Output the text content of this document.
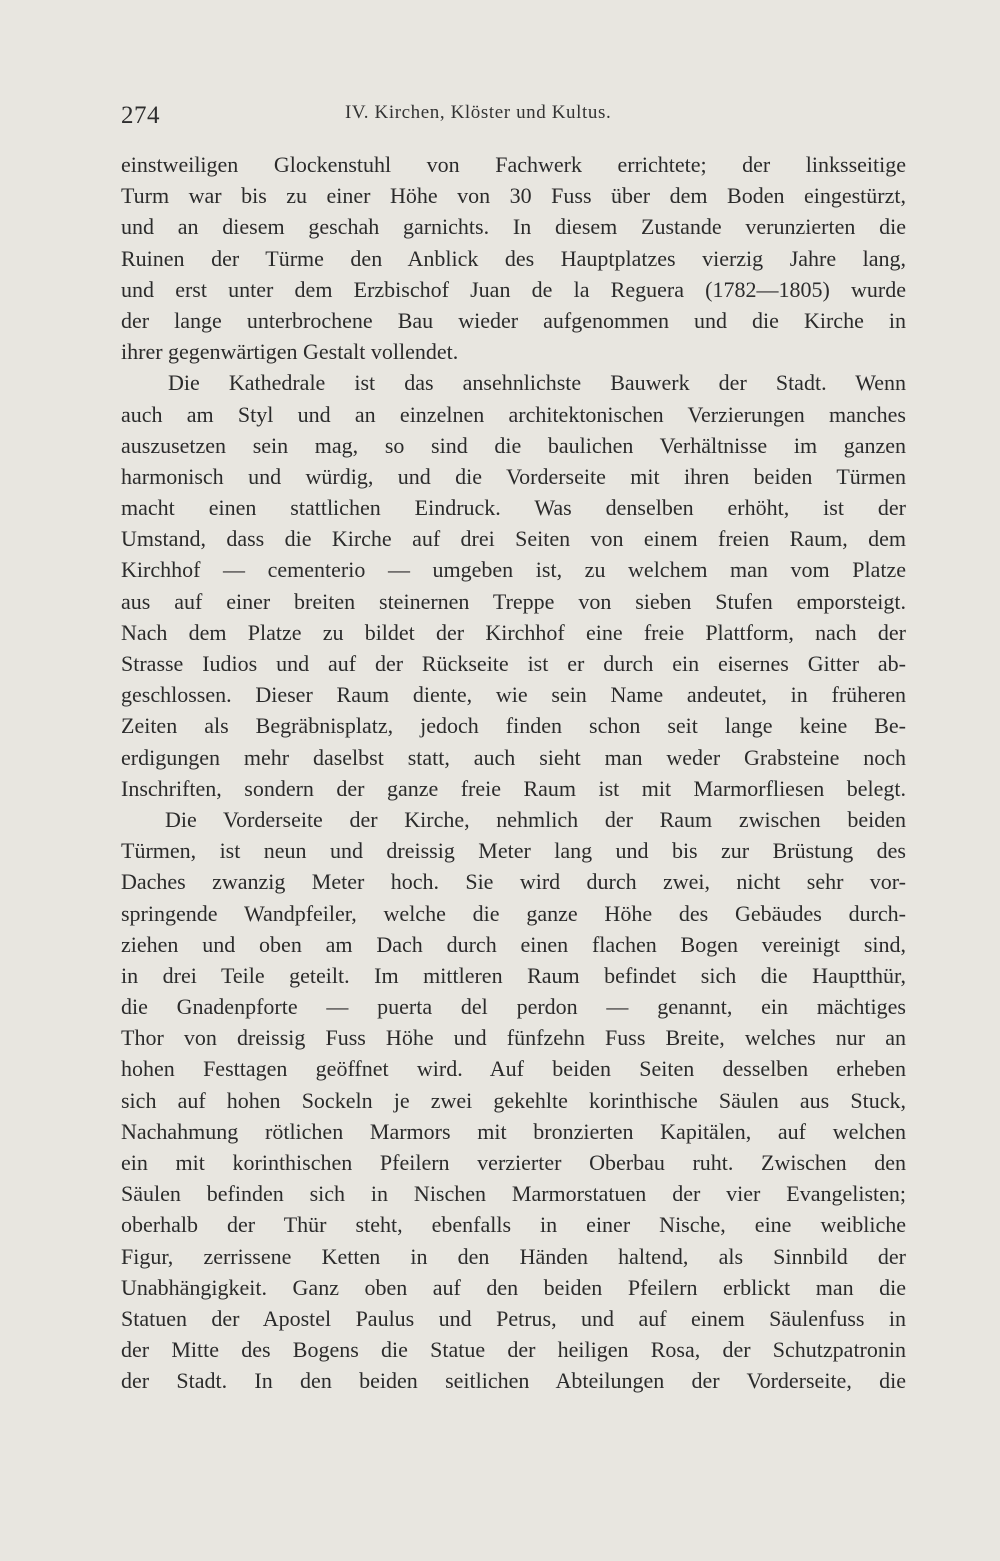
274	IV. Kirchen, Klöster und Kultus.
einstweiligen Glockenstuhl von Fachwerk errichtete; der linksseitige
Turm war bis zu einer Höhe von 30 Fuss über dem Boden eingestürzt,
und an diesem geschah garnichts. In diesem Zustande verunzierten die
Ruinen der Türme den Anblick des Hauptplatzes vierzig Jahre lang,
und erst unter dem Erzbischof Juan de la Reguera (1782—1805) wurde
der lange unterbrochene Bau wieder aufgenommen und die Kirche in
ihrer gegenwärtigen Gestalt vollendet.
Die Kathedrale ist das ansehnlichste Bauwerk der Stadt. Wenn
auch am Styl und an einzelnen architektonischen Verzierungen manches
auszusetzen sein mag, so sind die baulichen Verhältnisse im ganzen
harmonisch und würdig, und die Vorderseite mit ihren beiden Türmen
macht einen stattlichen Eindruck. Was denselben erhöht, ist der
Umstand, dass die Kirche auf drei Seiten von einem freien Raum, dem
Kirchhof — cementerio — umgeben ist, zu welchem man vom Platze
aus auf einer breiten steinernen Treppe von sieben Stufen emporsteigt.
Nach dem Platze zu bildet der Kirchhof eine freie Plattform, nach der
Strasse Iudios und auf der Rückseite ist er durch ein eisernes Gitter ab-
geschlossen. Dieser Raum diente, wie sein Name andeutet, in früheren
Zeiten als Begräbnisplatz, jedoch finden schon seit lange keine Be-
erdigungen mehr daselbst statt, auch sieht man weder Grabsteine noch
Inschriften, sondern der ganze freie Raum ist mit Marmorfliesen belegt.
Die Vorderseite der Kirche, nehmlich der Raum zwischen beiden
Türmen, ist neun und dreissig Meter lang und bis zur Brüstung des
Daches zwanzig Meter hoch. Sie wird durch zwei, nicht sehr vor-
springende Wandpfeiler, welche die ganze Höhe des Gebäudes durch-
ziehen und oben am Dach durch einen flachen Bogen vereinigt sind,
in drei Teile geteilt. Im mittleren Raum befindet sich die Hauptthür,
die Gnadenpforte — puerta del perdon — genannt, ein mächtiges
Thor von dreissig Fuss Höhe und fünfzehn Fuss Breite, welches nur an
hohen Festtagen geöffnet wird. Auf beiden Seiten desselben erheben
sich auf hohen Sockeln je zwei gekehlte korinthische Säulen aus Stuck,
Nachahmung rötlichen Marmors mit bronzierten Kapitälen, auf welchen
ein mit korinthischen Pfeilern verzierter Oberbau ruht. Zwischen den
Säulen befinden sich in Nischen Marmorstatuen der vier Evangelisten;
oberhalb der Thür steht, ebenfalls in einer Nische, eine weibliche
Figur, zerrissene Ketten in den Händen haltend, als Sinnbild der
Unabhängigkeit. Ganz oben auf den beiden Pfeilern erblickt man die
Statuen der Apostel Paulus und Petrus, und auf einem Säulenfuss in
der Mitte des Bogens die Statue der heiligen Rosa, der Schutzpatronin
der Stadt. In den beiden seitlichen Abteilungen der Vorderseite, die
